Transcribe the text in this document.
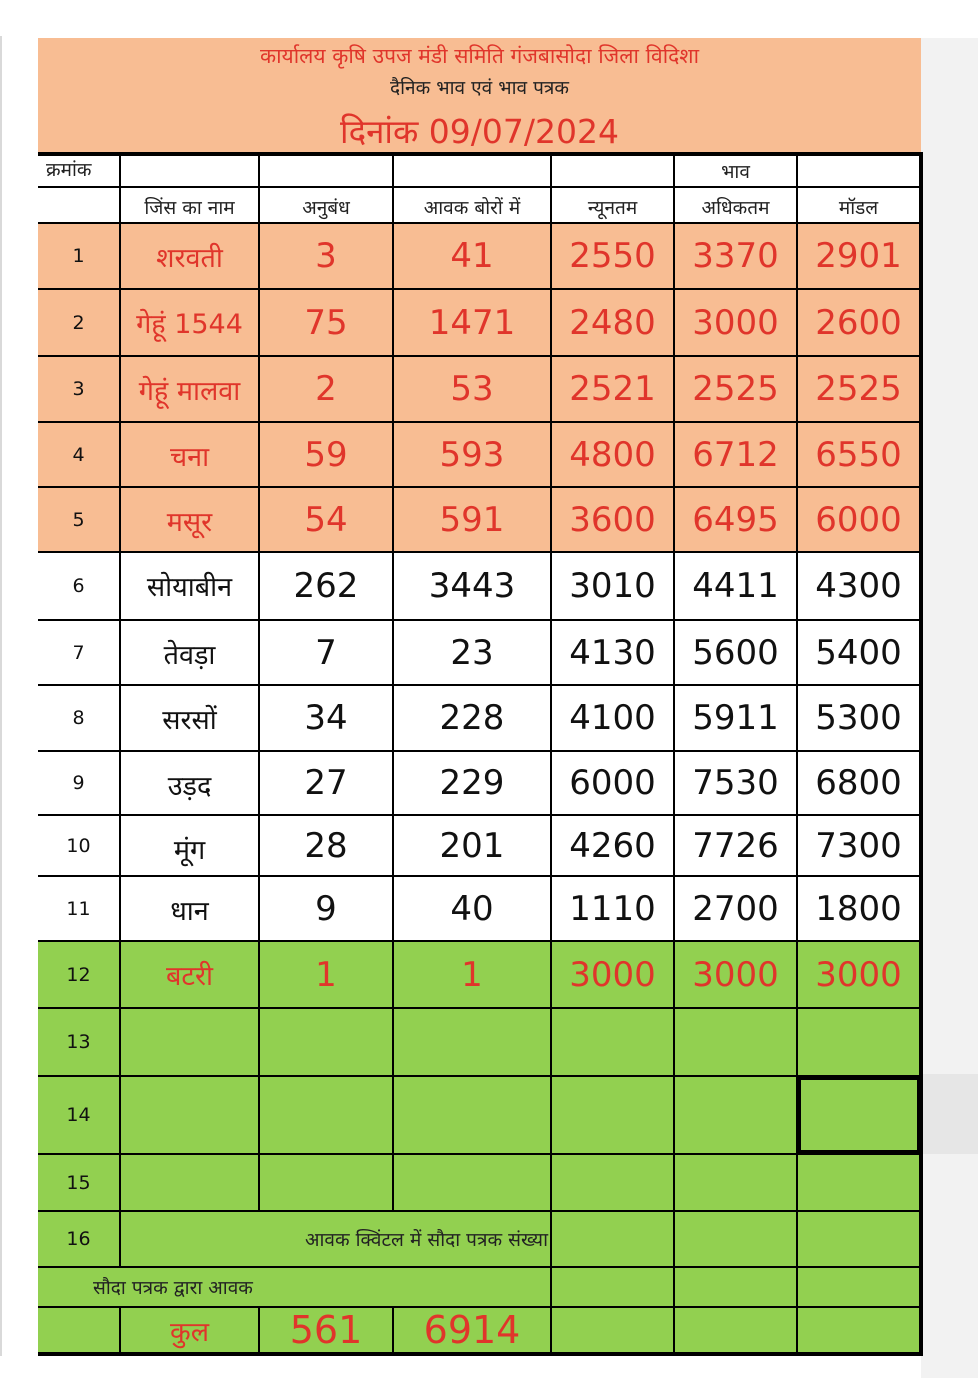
कार्यालय कृषि उपज मंडी समिति गंजबासोदा जिला विदिशा
दैनिक भाव एवं भाव पत्रक
दिनांक 09/07/2024
क्रमांक					भाव	
	जिंस का नाम	अनुबंध	आवक बोरों में	न्यूनतम	अधिकतम	मॉडल
1	शरवती	3	41	2550	3370	2901
2	गेहूं 1544	75	1471	2480	3000	2600
3	गेहूं मालवा	2	53	2521	2525	2525
4	चना	59	593	4800	6712	6550
5	मसूर	54	591	3600	6495	6000
6	सोयाबीन	262	3443	3010	4411	4300
7	तेवड़ा	7	23	4130	5600	5400
8	सरसों	34	228	4100	5911	5300
9	उड़द	27	229	6000	7530	6800
10	मूंग	28	201	4260	7726	7300
11	धान	9	40	1110	2700	1800
12	बटरी	1	1	3000	3000	3000
13						
14						
15						
16	आवक क्विंटल में सौदा पत्रक संख्या					
सौदा पत्रक द्वारा आवक						
	कुल	561	6914			
